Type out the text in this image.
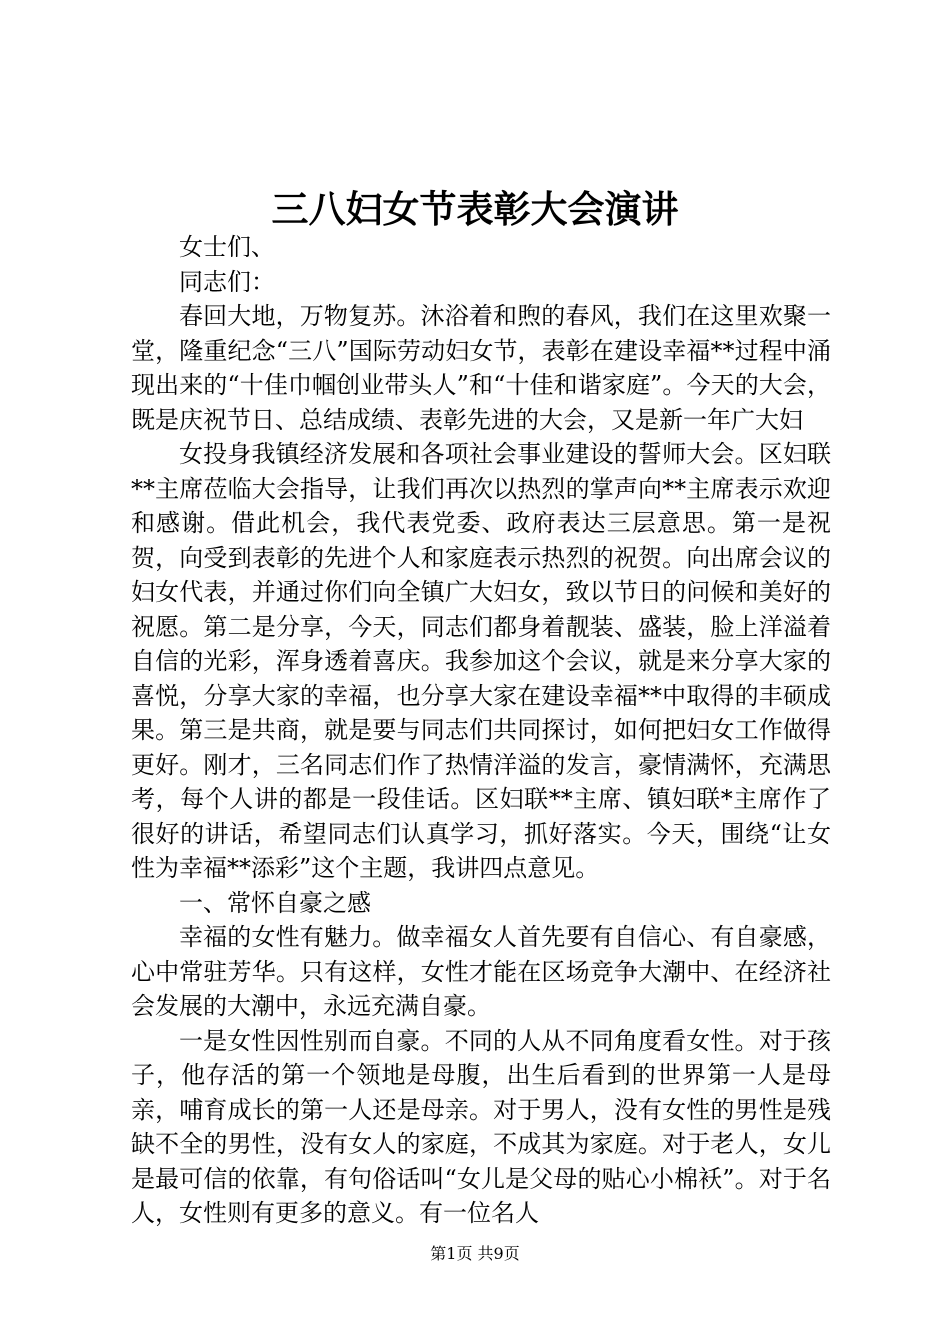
三八妇女节表彰大会演讲

女士们、

同志们：

春回大地，万物复苏。沐浴着和煦的春风，我们在这里欢聚一堂，隆重纪念“三八”国际劳动妇女节，表彰在建设幸福**过程中涌现出来的“十佳巾帼创业带头人”和“十佳和谐家庭”。今天的大会，既是庆祝节日、总结成绩、表彰先进的大会，又是新一年广大妇

女投身我镇经济发展和各项社会事业建设的誓师大会。区妇联**主席莅临大会指导，让我们再次以热烈的掌声向**主席表示欢迎和感谢。借此机会，我代表党委、政府表达三层意思。第一是祝贺，向受到表彰的先进个人和家庭表示热烈的祝贺。向出席会议的妇女代表，并通过你们向全镇广大妇女，致以节日的问候和美好的祝愿。第二是分享，今天，同志们都身着靓装、盛装，脸上洋溢着自信的光彩，浑身透着喜庆。我参加这个会议，就是来分享大家的喜悦，分享大家的幸福，也分享大家在建设幸福**中取得的丰硕成果。第三是共商，就是要与同志们共同探讨，如何把妇女工作做得更好。刚才，三名同志们作了热情洋溢的发言，豪情满怀，充满思考，每个人讲的都是一段佳话。区妇联**主席、镇妇联*主席作了很好的讲话，希望同志们认真学习，抓好落实。今天，围绕“让女性为幸福**添彩”这个主题，我讲四点意见。

一、常怀自豪之感

幸福的女性有魅力。做幸福女人首先要有自信心、有自豪感，心中常驻芳华。只有这样，女性才能在区场竞争大潮中、在经济社会发展的大潮中，永远充满自豪。

一是女性因性别而自豪。不同的人从不同角度看女性。对于孩子，他存活的第一个领地是母腹，出生后看到的世界第一人是母亲，哺育成长的第一人还是母亲。对于男人，没有女性的男性是残缺不全的男性，没有女人的家庭，不成其为家庭。对于老人，女儿是最可信的依靠，有句俗话叫“女儿是父母的贴心小棉袄”。对于名人，女性则有更多的意义。有一位名人

第1页 共9页
